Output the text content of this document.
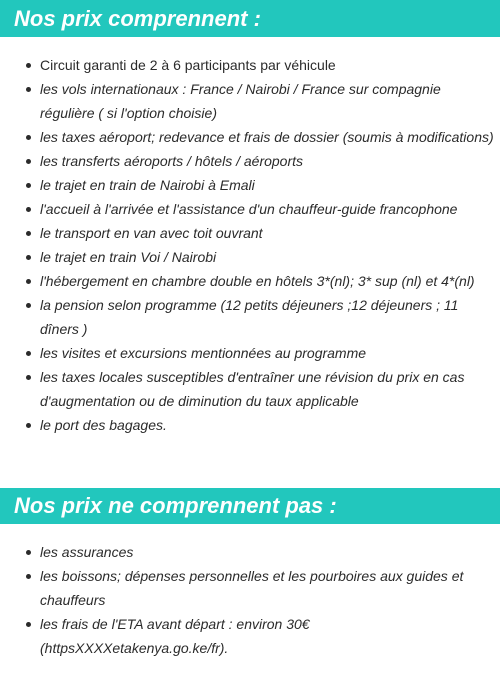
Nos prix comprennent :
Circuit garanti de 2 à 6 participants par véhicule
les vols internationaux : France / Nairobi / France sur compagnie régulière ( si l'option choisie)
les taxes aéroport; redevance et frais de dossier (soumis à modifications)
les transferts aéroports / hôtels / aéroports
le trajet en train de Nairobi à Emali
l'accueil à l'arrivée et l'assistance d'un chauffeur-guide francophone
le transport en van avec toit ouvrant
le trajet en train Voi / Nairobi
l'hébergement en chambre double en hôtels 3*(nl); 3* sup (nl) et 4*(nl)
la pension selon programme (12 petits déjeuners ;12 déjeuners ; 11 dîners )
les visites et excursions mentionnées au programme
les taxes locales susceptibles d'entraîner une révision du prix en cas d'augmentation ou de diminution du taux applicable
le port des bagages.
Nos prix ne comprennent pas :
les assurances
les boissons; dépenses personnelles et les pourboires aux guides et chauffeurs
les frais de l'ETA avant départ : environ 30€ (httpsXXXXetakenya.go.ke/fr).
